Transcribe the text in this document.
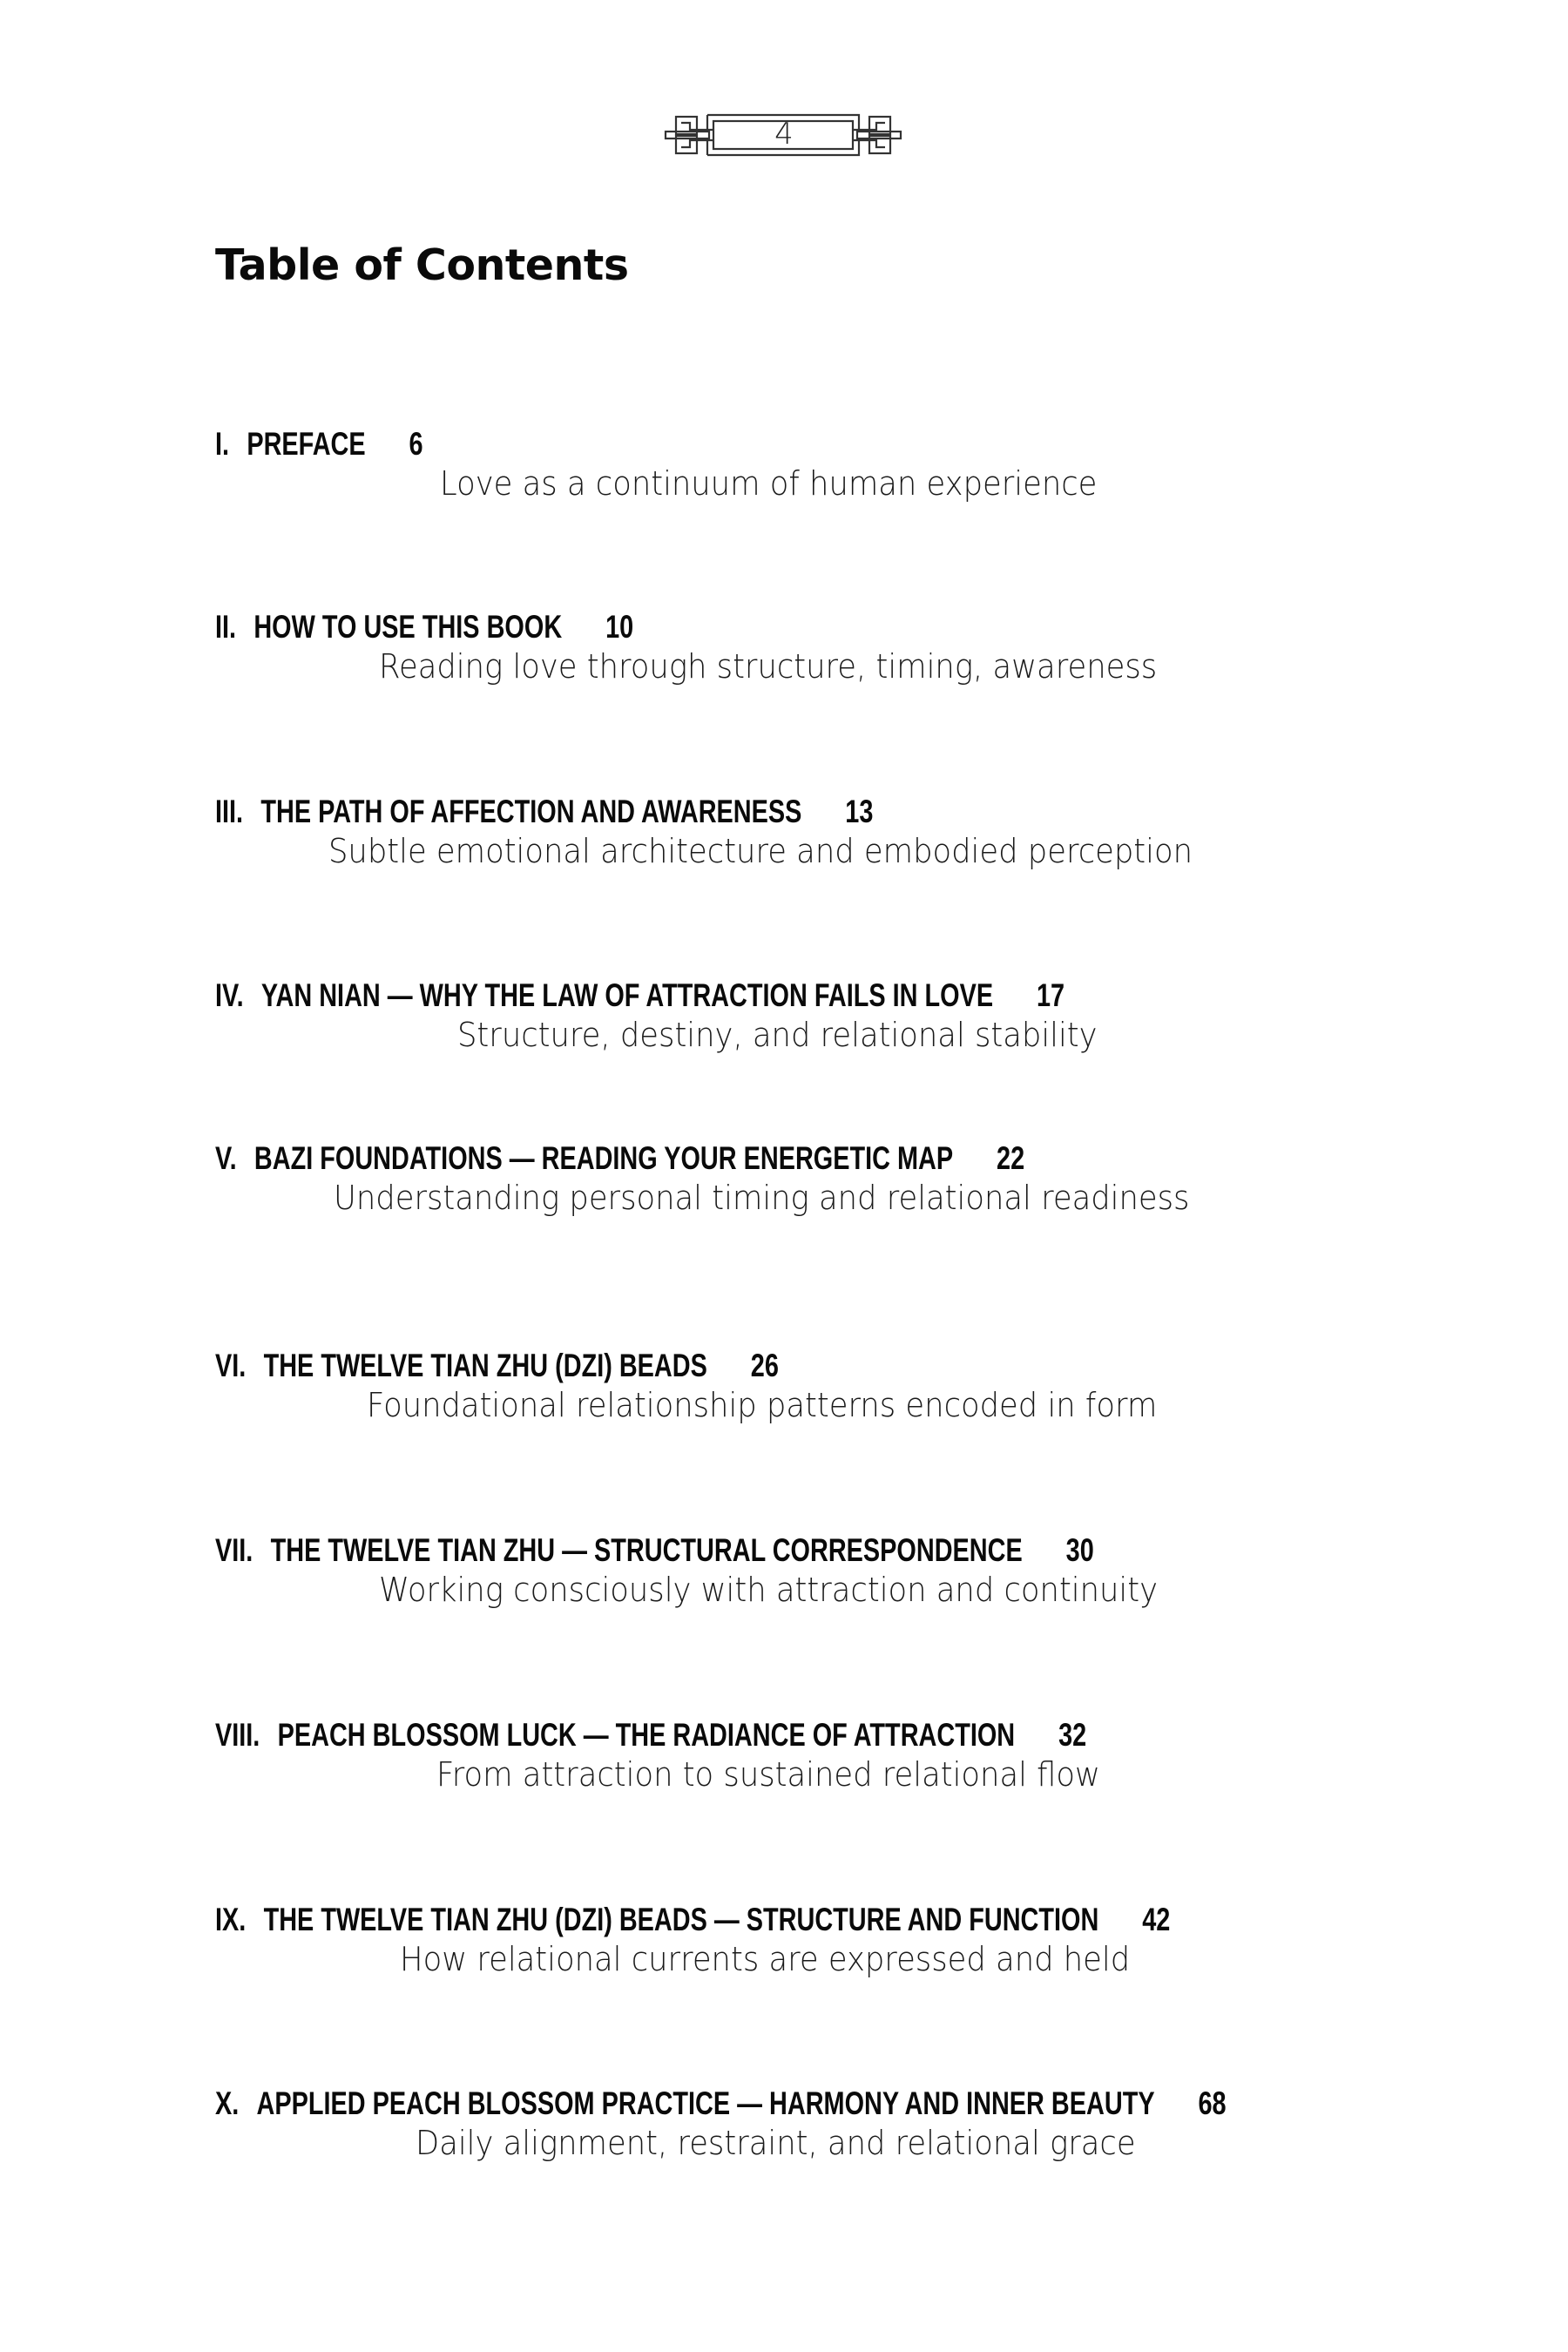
4
Table of Contents
I. PREFACE 6
Love as a continuum of human experience
II. HOW TO USE THIS BOOK 10
Reading love through structure, timing, awareness
III. THE PATH OF AFFECTION AND AWARENESS 13
Subtle emotional architecture and embodied perception
IV. YAN NIAN — WHY THE LAW OF ATTRACTION FAILS IN LOVE 17
Structure, destiny, and relational stability
V. BAZI FOUNDATIONS — READING YOUR ENERGETIC MAP 22
Understanding personal timing and relational readiness
VI. THE TWELVE TIAN ZHU (DZI) BEADS 26
Foundational relationship patterns encoded in form
VII. THE TWELVE TIAN ZHU — STRUCTURAL CORRESPONDENCE 30
Working consciously with attraction and continuity
VIII. PEACH BLOSSOM LUCK — THE RADIANCE OF ATTRACTION 32
From attraction to sustained relational flow
IX. THE TWELVE TIAN ZHU (DZI) BEADS — STRUCTURE AND FUNCTION 42
How relational currents are expressed and held
X. APPLIED PEACH BLOSSOM PRACTICE — HARMONY AND INNER BEAUTY 68
Daily alignment, restraint, and relational grace
